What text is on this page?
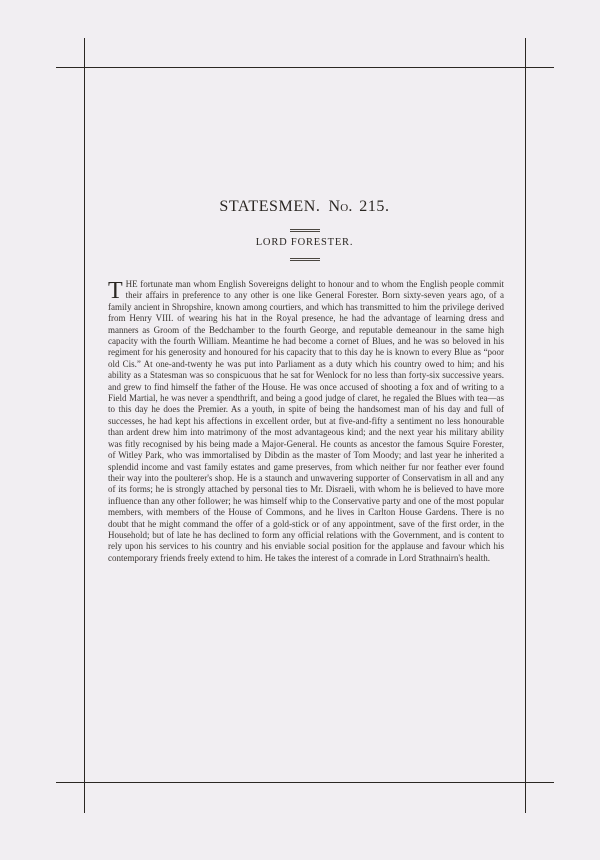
STATESMEN. No. 215.
LORD FORESTER.
THE fortunate man whom English Sovereigns delight to honour and to whom the English people commit their affairs in preference to any other is one like General Forester. Born sixty-seven years ago, of a family ancient in Shropshire, known among courtiers, and which has transmitted to him the privilege derived from Henry VIII. of wearing his hat in the Royal presence, he had the advantage of learning dress and manners as Groom of the Bedchamber to the fourth George, and reputable demeanour in the same high capacity with the fourth William. Meantime he had become a cornet of Blues, and he was so beloved in his regiment for his generosity and honoured for his capacity that to this day he is known to every Blue as “poor old Cis.” At one-and-twenty he was put into Parliament as a duty which his country owed to him; and his ability as a Statesman was so conspicuous that he sat for Wenlock for no less than forty-six successive years. and grew to find himself the father of the House. He was once accused of shooting a fox and of writing to a Field Martial, he was never a spendthrift, and being a good judge of claret, he regaled the Blues with tea—as to this day he does the Premier. As a youth, in spite of being the handsomest man of his day and full of successes, he had kept his affections in excellent order, but at five-and-fifty a sentiment no less honourable than ardent drew him into matrimony of the most advantageous kind; and the next year his military ability was fitly recognised by his being made a Major-General. He counts as ancestor the famous Squire Forester, of Witley Park, who was immortalised by Dibdin as the master of Tom Moody; and last year he inherited a splendid income and vast family estates and game preserves, from which neither fur nor feather ever found their way into the poulterer's shop. He is a staunch and unwavering supporter of Conservatism in all and any of its forms; he is strongly attached by personal ties to Mr. Disraeli, with whom he is believed to have more influence than any other follower; he was himself whip to the Conservative party and one of the most popular members, with members of the House of Commons, and he lives in Carlton House Gardens. There is no doubt that he might command the offer of a gold-stick or of any appointment, save of the first order, in the Household; but of late he has declined to form any official relations with the Government, and is content to rely upon his services to his country and his enviable social position for the applause and favour which his contemporary friends freely extend to him. He takes the interest of a comrade in Lord Strathnairn's health.
